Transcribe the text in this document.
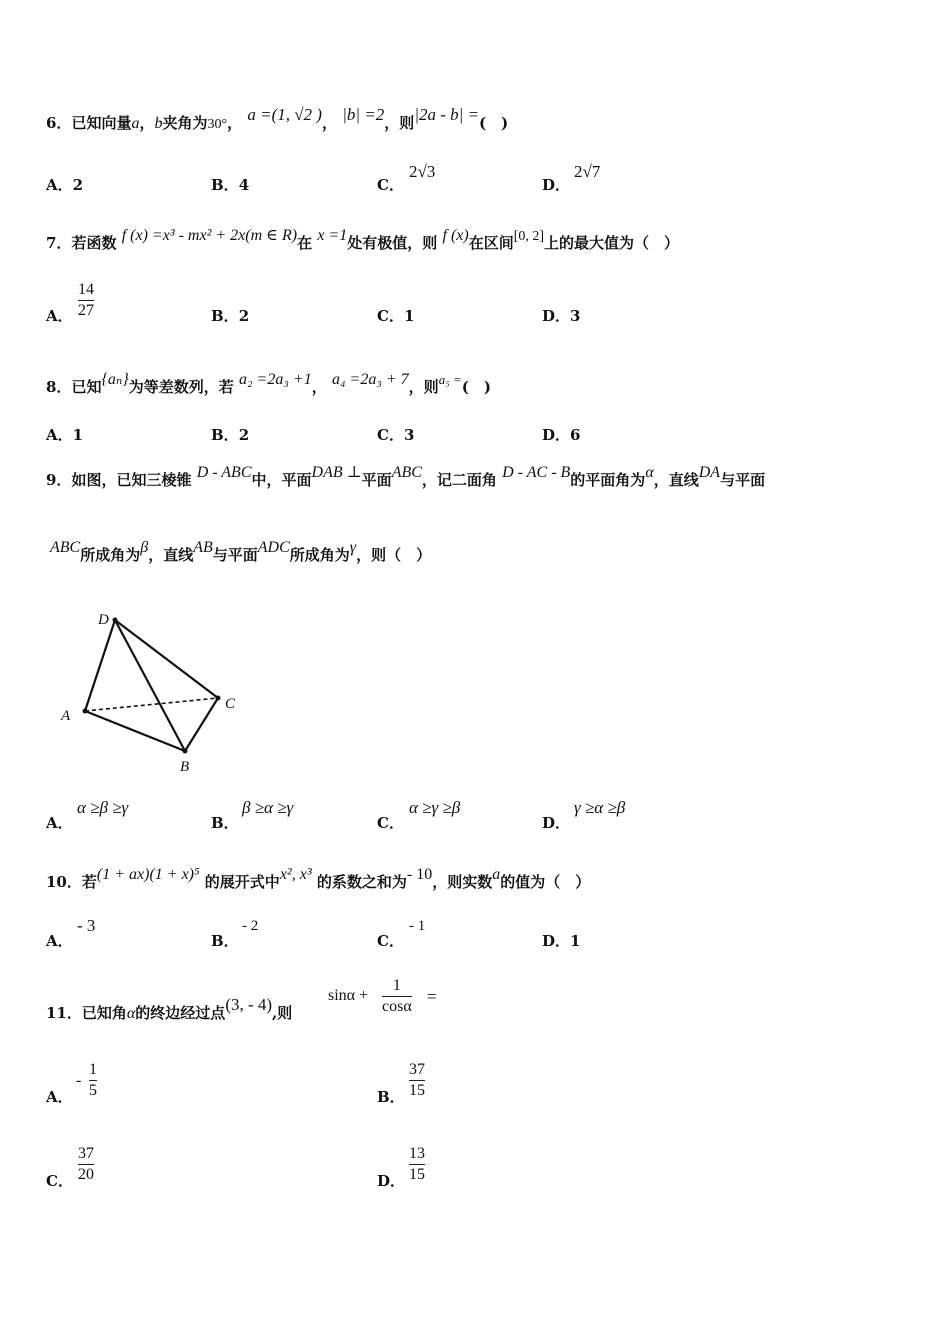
6．已知向量a，b夹角为30°， a =(1, √2 )， |b| =2，则|2a - b| =(　)
A．2	B．4	C．
2√3
D．
2√7
7．若函数 f (x) =x³ - mx² + 2x(m ∈ R)在 x =1处有极值，则 f (x)在区间[0, 2]上的最大值为（　）
A．
14
27	B．2	C．1	D．3
8．已知{aₙ}为等差数列，若 a₂ =2a₃ +1， a₄ =2a₃ + 7，则a₅ =(　)
A．1	B．2	C．3	D．6
9．如图，已知三棱锥 D - ABC中，平面DAB ⊥平面ABC，记二面角 D - AC - B的平面角为α，直线DA与平面
ABC所成角为β，直线AB与平面ADC所成角为γ，则（　）
D
A
B
C
A．
α ≥β ≥γ
B．
β ≥α ≥γ
C．
α ≥γ ≥β
D．
γ ≥α ≥β
10．若(1 + ax)(1 + x)⁵ 的展开式中x², x³ 的系数之和为- 10，则实数a的值为（　）
A．
- 3
B．
- 2
C．
- 1
D．1
11．已知角α的终边经过点(3, - 4),则
sinα +
1
cosα
=
A．
-
1
5	B．
37
15
C．
37
20	D．
13
15
